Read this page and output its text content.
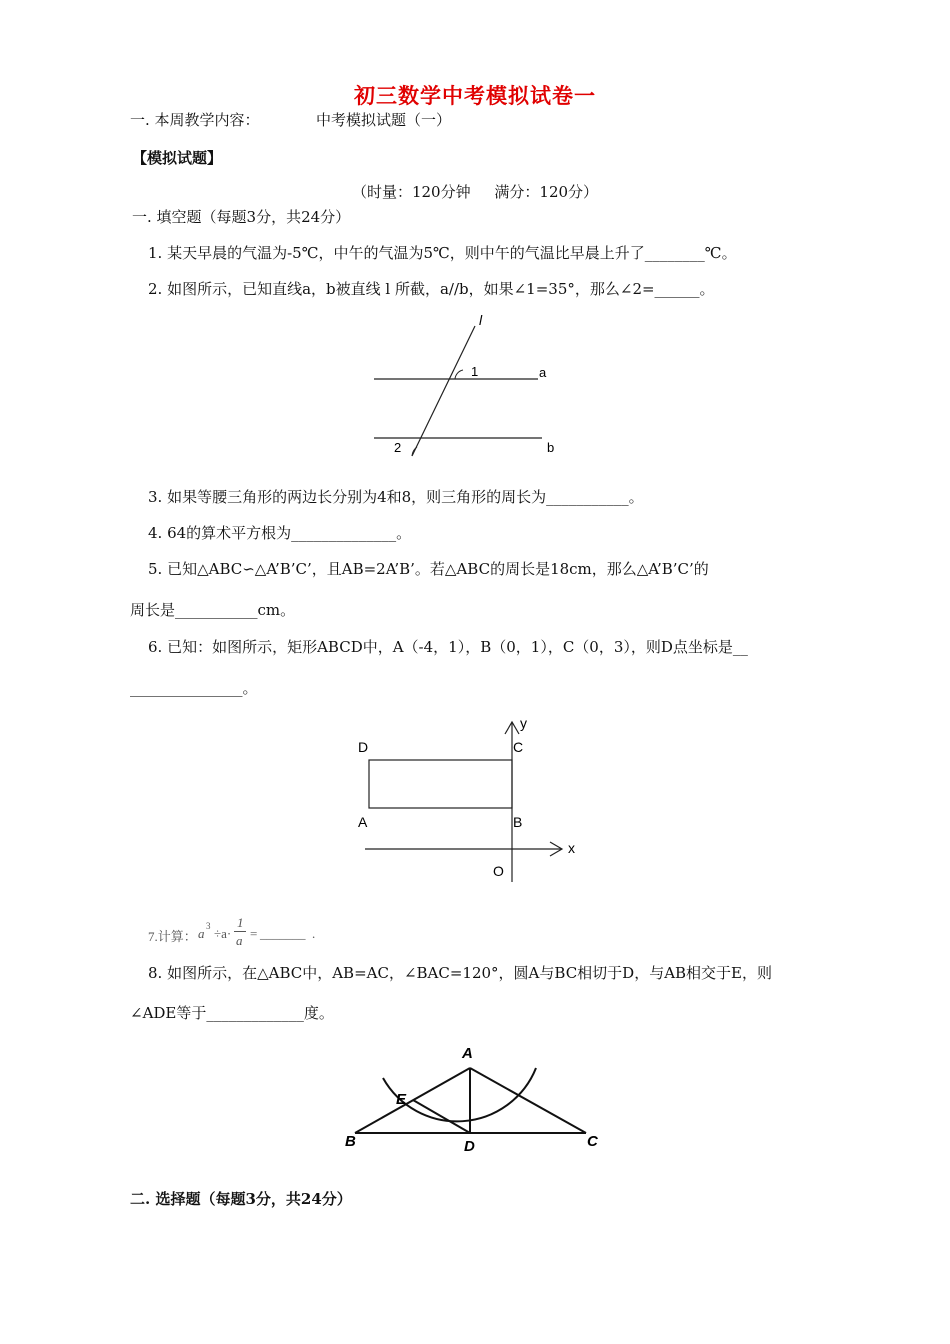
初三数学中考模拟试卷一
一. 本周教学内容：	中考模拟试题（一）
【模拟试题】
（时量：120分钟     满分：120分）
一. 填空题（每题3分，共24分）
1. 某天早晨的气温为-5℃，中午的气温为5℃，则中午的气温比早晨上升了________℃。
2. 如图所示，已知直线a，b被直线 l 所截，a//b，如果∠1=35°，那么∠2=______。
l
1
2
a
b
3. 如果等腰三角形的两边长分别为4和8，则三角形的周长为___________。
4. 64的算术平方根为______________。
5. 已知△ABC∽△A’B’C’，且AB=2A’B’。若△ABC的周长是18cm，那么△A’B’C’的
周长是___________cm。
6. 已知：如图所示，矩形ABCD中，A（-4，1），B（0，1），C（0，3），则D点坐标是__
_______________。
y
x
O
D	C
A	B
7.计算： a 3 ÷a·
1
a = _______ .
8. 如图所示，在△ABC中，AB=AC，∠BAC=120°，圆A与BC相切于D，与AB相交于E，则
∠ADE等于_____________度。
A
E
B	D	C
二. 选择题（每题3分，共24分）
